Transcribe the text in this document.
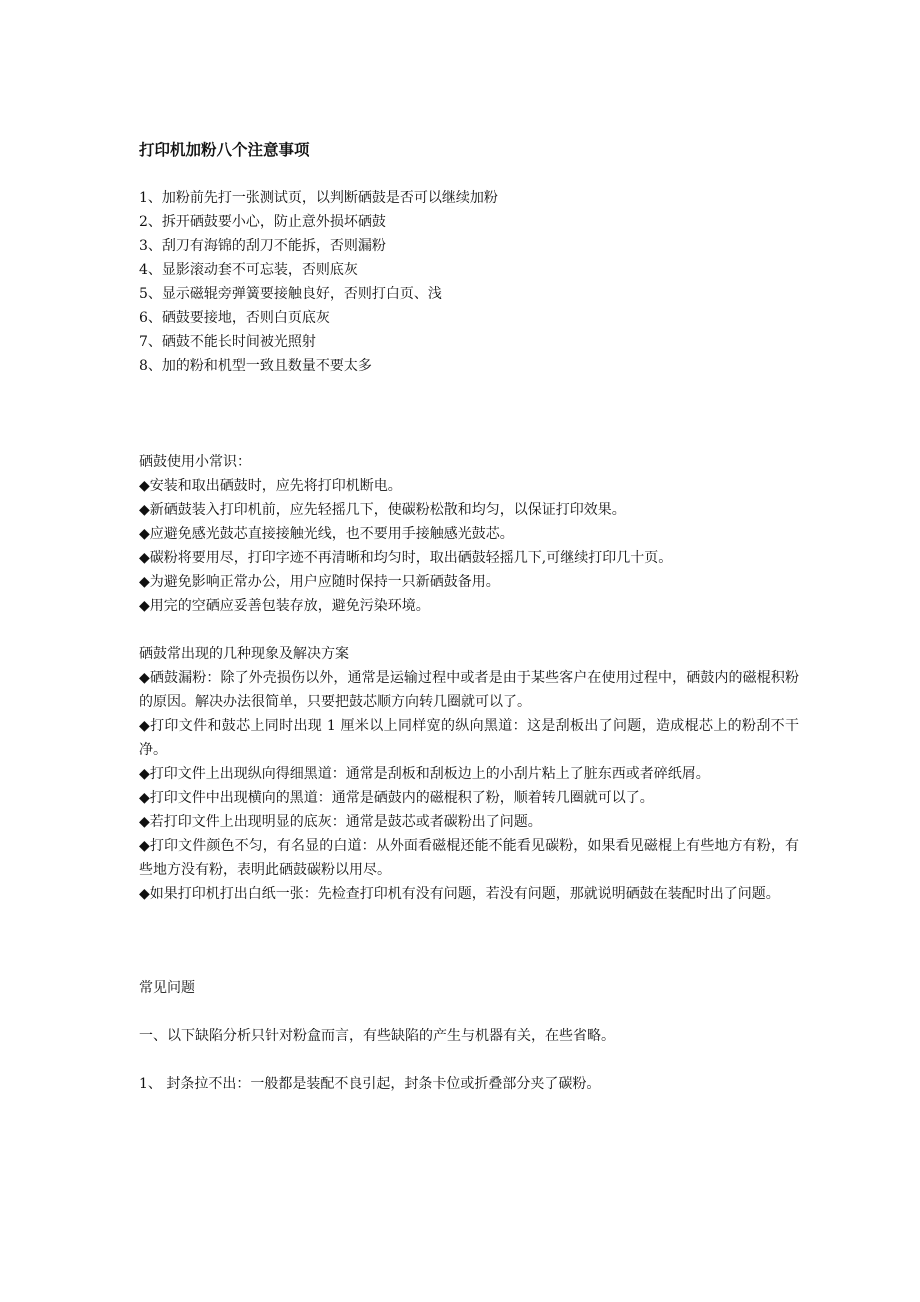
打印机加粉八个注意事项
1、加粉前先打一张测试页，以判断硒鼓是否可以继续加粉
2、拆开硒鼓要小心，防止意外损坏硒鼓
3、刮刀有海锦的刮刀不能拆，否则漏粉
4、显影滚动套不可忘装，否则底灰
5、显示磁辊旁弹簧要接触良好，否则打白页、浅
6、硒鼓要接地，否则白页底灰
7、硒鼓不能长时间被光照射
8、加的粉和机型一致且数量不要太多
硒鼓使用小常识：
◆安装和取出硒鼓时，应先将打印机断电。
◆新硒鼓装入打印机前，应先轻摇几下，使碳粉松散和均匀，以保证打印效果。
◆应避免感光鼓芯直接接触光线，也不要用手接触感光鼓芯。
◆碳粉将要用尽，打印字迹不再清晰和均匀时，取出硒鼓轻摇几下,可继续打印几十页。
◆为避免影响正常办公，用户应随时保持一只新硒鼓备用。
◆用完的空硒应妥善包装存放，避免污染环境。
硒鼓常出现的几种现象及解决方案

◆硒鼓漏粉：除了外壳损伤以外，通常是运输过程中或者是由于某些客户在使用过程中，硒鼓内的磁棍积粉的原因。解决办法很简单，只要把鼓芯顺方向转几圈就可以了。

◆打印文件和鼓芯上同时出现 1 厘米以上同样宽的纵向黑道：这是刮板出了问题，造成棍芯上的粉刮不干净。

◆打印文件上出现纵向得细黑道：通常是刮板和刮板边上的小刮片粘上了脏东西或者碎纸屑。

◆打印文件中出现横向的黑道：通常是硒鼓内的磁棍积了粉，顺着转几圈就可以了。

◆若打印文件上出现明显的底灰：通常是鼓芯或者碳粉出了问题。

◆打印文件颜色不匀，有名显的白道：从外面看磁棍还能不能看见碳粉，如果看见磁棍上有些地方有粉，有些地方没有粉，表明此硒鼓碳粉以用尽。

◆如果打印机打出白纸一张：先检查打印机有没有问题，若没有问题，那就说明硒鼓在装配时出了问题。

常见问题
一、以下缺陷分析只针对粉盒而言，有些缺陷的产生与机器有关，在些省略。
1、 封条拉不出：一般都是装配不良引起，封条卡位或折叠部分夹了碳粉。
